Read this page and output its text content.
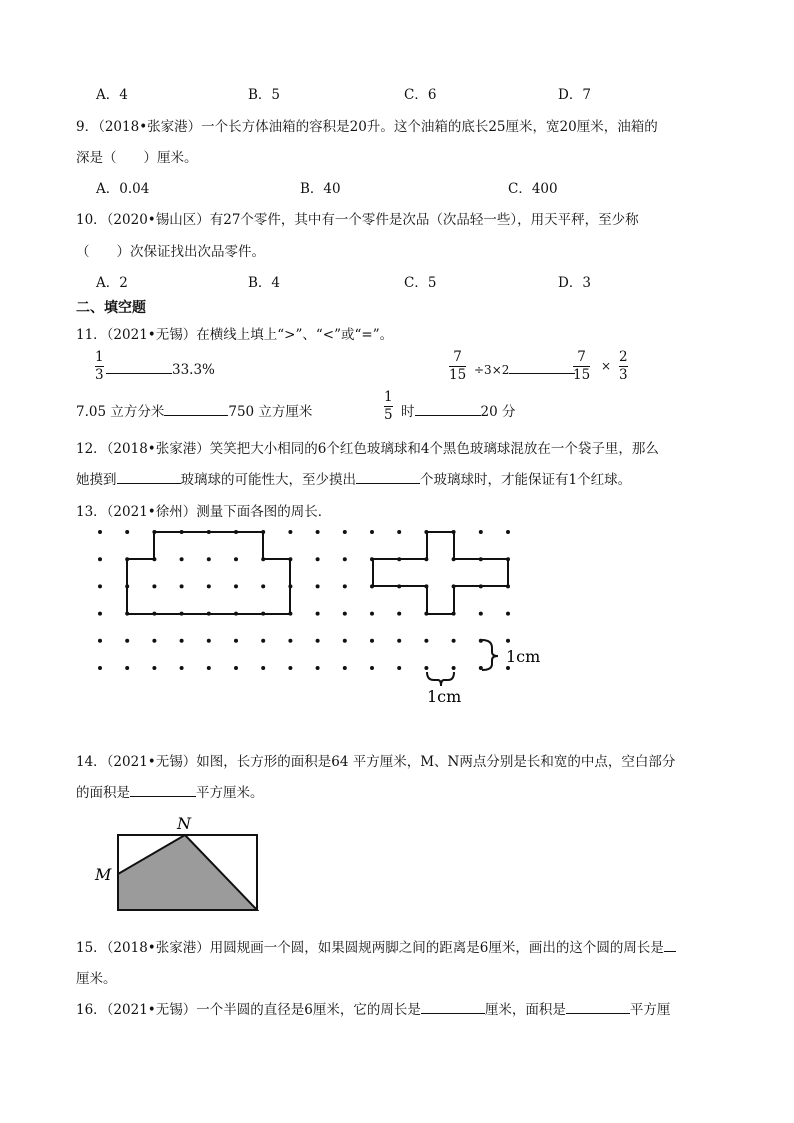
A．4	B．5	C．6	D．7
9．（2018•张家港）一个长方体油箱的容积是20升。这个油箱的底长25厘米，宽20厘米，油箱的
深是（　　）厘米。
A．0.04	B．40	C．400
10．（2020•锡山区）有27个零件，其中有一个零件是次品（次品轻一些），用天平秤，至少称
（　　）次保证找出次品零件。
A．2	B．4	C．5	D．3
二、填空题
11．（2021•无锡）在横线上填上“>”、“<”或“=”。
1
3	33.3%
7
15 ÷3×2
7
15
×
2
3
7.05 立方分米	750 立方厘米
1
5 时	20 分
12．（2018•张家港）笑笑把大小相同的6个红色玻璃球和4个黑色玻璃球混放在一个袋子里，那么
她摸到	玻璃球的可能性大，至少摸出	个玻璃球时，才能保证有1个红球。
13．（2021•徐州）测量下面各图的周长．
1cm
1cm
14．（2021•无锡）如图，长方形的面积是64 平方厘米，M、N两点分别是长和宽的中点，空白部分
的面积是	平方厘米。
N
M
15．（2018•张家港）用圆规画一个圆，如果圆规两脚之间的距离是6厘米，画出的这个圆的周长是
厘米。
16．（2021•无锡）一个半圆的直径是6厘米，它的周长是	厘米，面积是	平方厘
